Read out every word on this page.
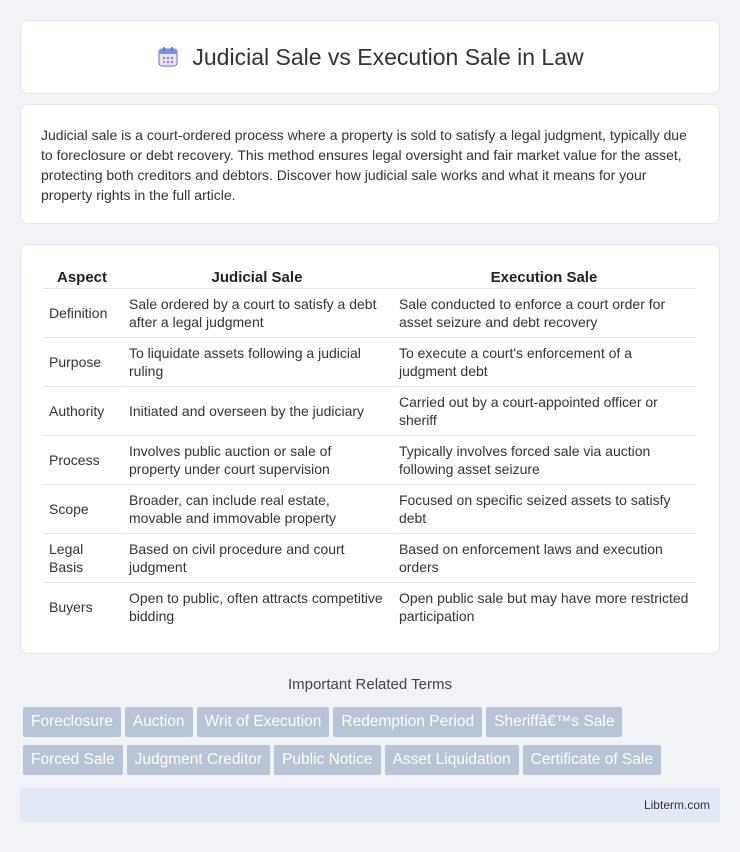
Judicial Sale vs Execution Sale in Law

Judicial sale is a court-ordered process where a property is sold to satisfy a legal judgment, typically due to foreclosure or debt recovery. This method ensures legal oversight and fair market value for the asset, protecting both creditors and debtors. Discover how judicial sale works and what it means for your property rights in the full article.

Aspect	Judicial Sale	Execution Sale
Definition	Sale ordered by a court to satisfy a debt after a legal judgment	Sale conducted to enforce a court order for asset seizure and debt recovery
Purpose	To liquidate assets following a judicial ruling	To execute a court's enforcement of a judgment debt
Authority	Initiated and overseen by the judiciary	Carried out by a court-appointed officer or sheriff
Process	Involves public auction or sale of property under court supervision	Typically involves forced sale via auction following asset seizure
Scope	Broader, can include real estate, movable and immovable property	Focused on specific seized assets to satisfy debt
Legal Basis	Based on civil procedure and court judgment	Based on enforcement laws and execution orders
Buyers	Open to public, often attracts competitive bidding	Open public sale but may have more restricted participation
Important Related Terms
Foreclosure Auction Writ of Execution Redemption Period Sheriffâ€™s Sale
Forced Sale Judgment Creditor Public Notice Asset Liquidation Certificate of Sale
Libterm.com
